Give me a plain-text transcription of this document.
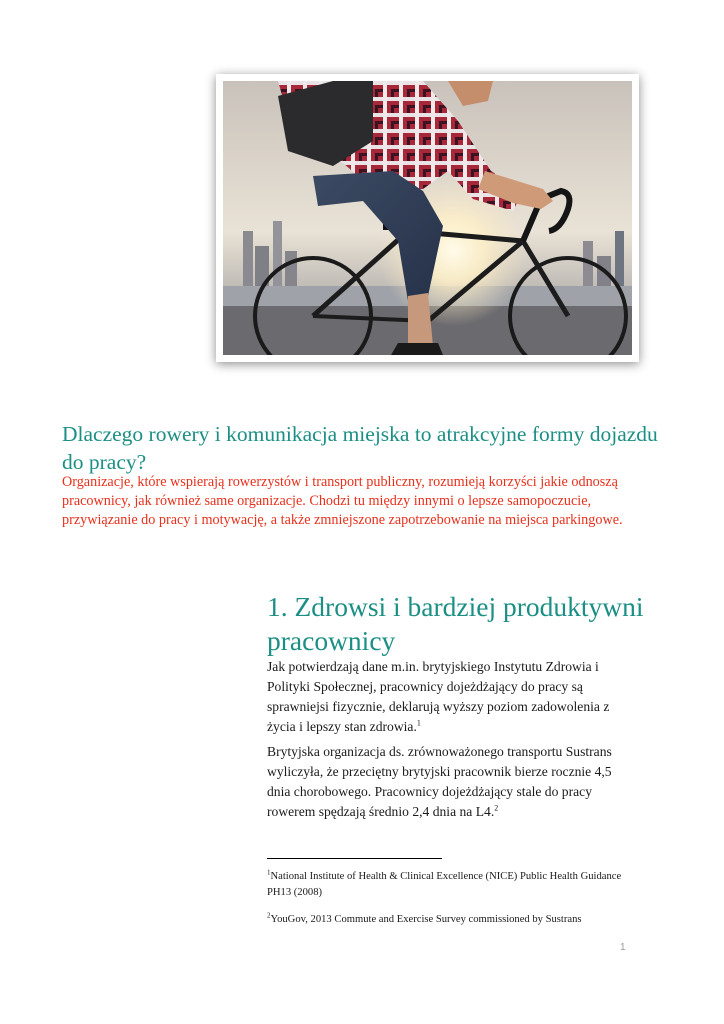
Dlaczego rowery i komunikacja miejska to atrakcyjne formy dojazdu do pracy?

Organizacje, które wspierają rowerzystów i transport publiczny, rozumieją korzyści jakie odnoszą pracownicy, jak również same organizacje. Chodzi tu między innymi o lepsze samopoczucie, przywiązanie do pracy i motywację, a także zmniejszone zapotrzebowanie na miejsca parkingowe.

1. Zdrowsi i bardziej produktywni pracownicy

Jak potwierdzają dane m.in. brytyjskiego Instytutu Zdrowia i Polityki Społecznej, pracownicy dojeżdżający do pracy są sprawniejsi fizycznie, deklarują wyższy poziom zadowolenia z życia i lepszy stan zdrowia.$^1$

Brytyjska organizacja ds. zrównoważonego transportu Sustrans wyliczyła, że przeciętny brytyjski pracownik bierze rocznie 4,5 dnia chorobowego. Pracownicy dojeżdżający stale do pracy rowerem spędzają średnio 2,4 dnia na L4.$^2$

$^1$National Institute of Health & Clinical Excellence (NICE) Public Health Guidance PH13 (2008)

$^2$YouGov, 2013 Commute and Exercise Survey commissioned by Sustrans

1
